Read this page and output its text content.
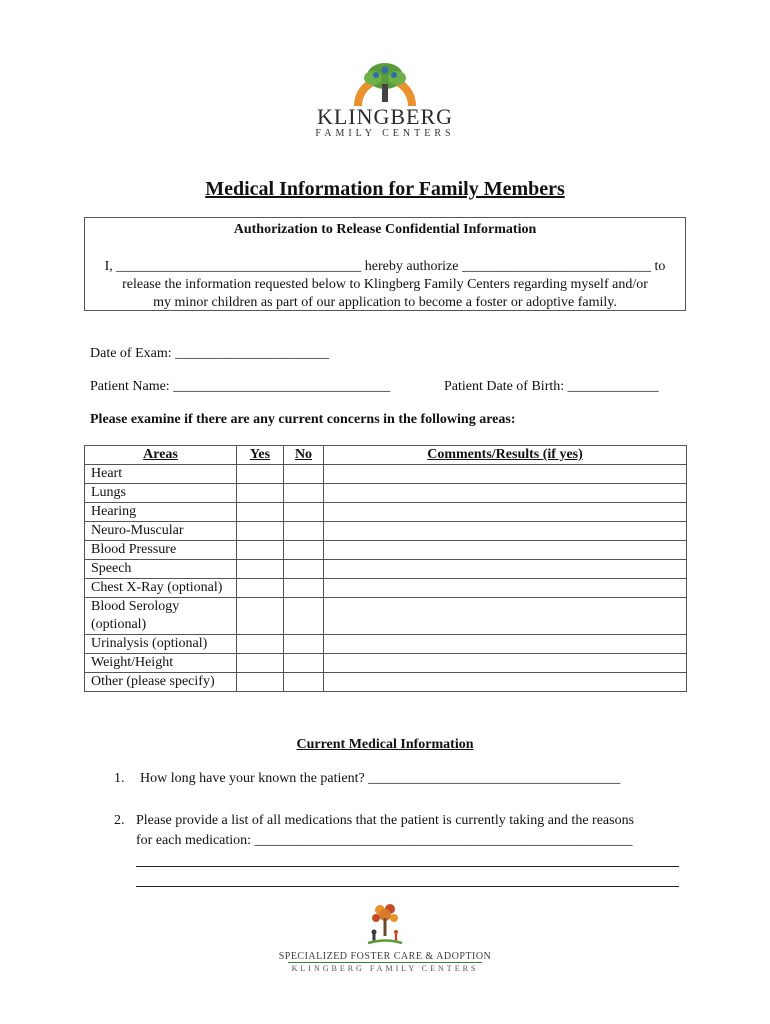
KLINGBERG
FAMILY CENTERS
Medical Information for Family Members
Authorization to Release Confidential Information
I, ___________________________________ hereby authorize ___________________________ to
release the information requested below to Klingberg Family Centers regarding myself and/or
my minor children as part of our application to become a foster or adoptive family.
Date of Exam: ______________________
Patient Name: _______________________________	Patient Date of Birth: _____________
Please examine if there are any current concerns in the following areas:
Areas	Yes	No	Comments/Results (if yes)
Heart			
Lungs			
Hearing			
Neuro-Muscular			
Blood Pressure			
Speech			
Chest X-Ray (optional)			
Blood Serology (optional)			
Urinalysis (optional)			
Weight/Height			
Other (please specify)			
Current Medical Information
1. How long have your known the patient? ____________________________________
2. Please provide a list of all medications that the patient is currently taking and the reasons
for each medication: ______________________________________________________
SPECIALIZED FOSTER CARE & ADOPTION
KLINGBERG FAMILY CENTERS
